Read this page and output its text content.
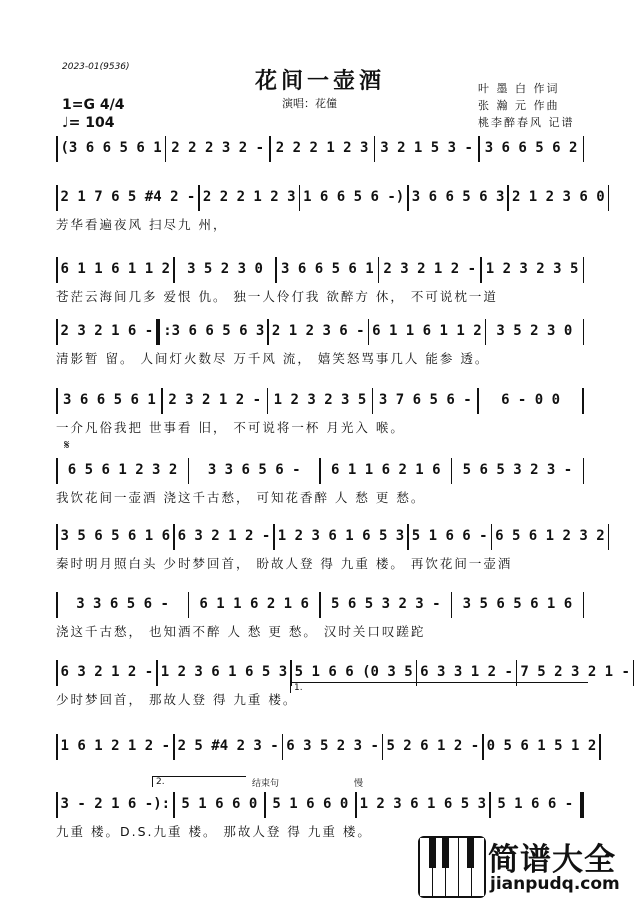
2023-01(9536)
花间一壶酒
演唱：花僮
1=G 4/4
♩= 104
叶 墨 白 作词
张 瀚 元 作曲
桃李醉春风 记谱
𝄋
(3 6 6 5 6 1 2 2 2 3 2 - 2 2 2 1 2 3 3 2 1 5 3 - 3 6 6 5 6 2
2 1 7 6 5 #4 2 - 2 2 2 1 2 3 1 6 6 5 6 -) 3 6 6 5 6 3 2 1 2 3 6 0
芳华看遍夜风 扫尽九 州，
6 1 1 6 1 1 2	3 5 2 3 0	3 6 6 5 6 1 2 3 2 1 2 - 1 2 3 2 3 5
苍茫云海间几多 爱恨 仇。 独一人伶仃我 欲醉方 休， 不可说枕一道
2 3 2 1 6 - :3 6 6 5 6 3 2 1 2 3 6 - 6 1 1 6 1 1 2	3 5 2 3 0
清影暂 留。 人间灯火数尽 万千风 流， 嬉笑怒骂事几人 能参 透。
3 6 6 5 6 1 2 3 2 1 2 - 1 2 3 2 3 5 3 7 6 5 6 -	6 - 0 0
一介凡俗我把 世事看 旧， 不可说将一杯 月光入 喉。
6 5 6 1 2 3 2	3 3 6 5 6 -	6 1 1 6 2 1 6	5 6 5 3 2 3 -
我饮花间一壶酒 浇这千古愁， 可知花香醉 人 愁 更 愁。
3 5 6 5 6 1 6 6 3 2 1 2 - 1 2 3 6 1 6 5 3 5 1 6 6 - 6 5 6 1 2 3 2
秦时明月照白头 少时梦回首， 盼故人登 得 九重 楼。 再饮花间一壶酒
3 3 6 5 6 -	6 1 1 6 2 1 6	5 6 5 3 2 3 -	3 5 6 5 6 1 6
浇这千古愁， 也知酒不醉 人 愁 更 愁。 汉时关口叹蹉跎
6 3 2 1 2 - 1 2 3 6 1 6 5 3 5 1 6 6 (0 3 5 6 3 3 1 2 - 7 5 2 3 2 1 -
少时梦回首， 那故人登 得 九重 楼。
1 6 1 2 1 2 - 2 5 #4 2 3 - 6 3 5 2 3 - 5 2 6 1 2 - 0 5 6 1 5 1 2
3 - 2 1 6 -): 5 1 6 6 0	5 1 6 6 0 1 2 3 6 1 6 5 3 5 1 6 6 -
九重 楼。D.S.九重 楼。 那故人登 得 九重 楼。
1.
2.	结束句	慢
简谱大全
jianpudq.com
